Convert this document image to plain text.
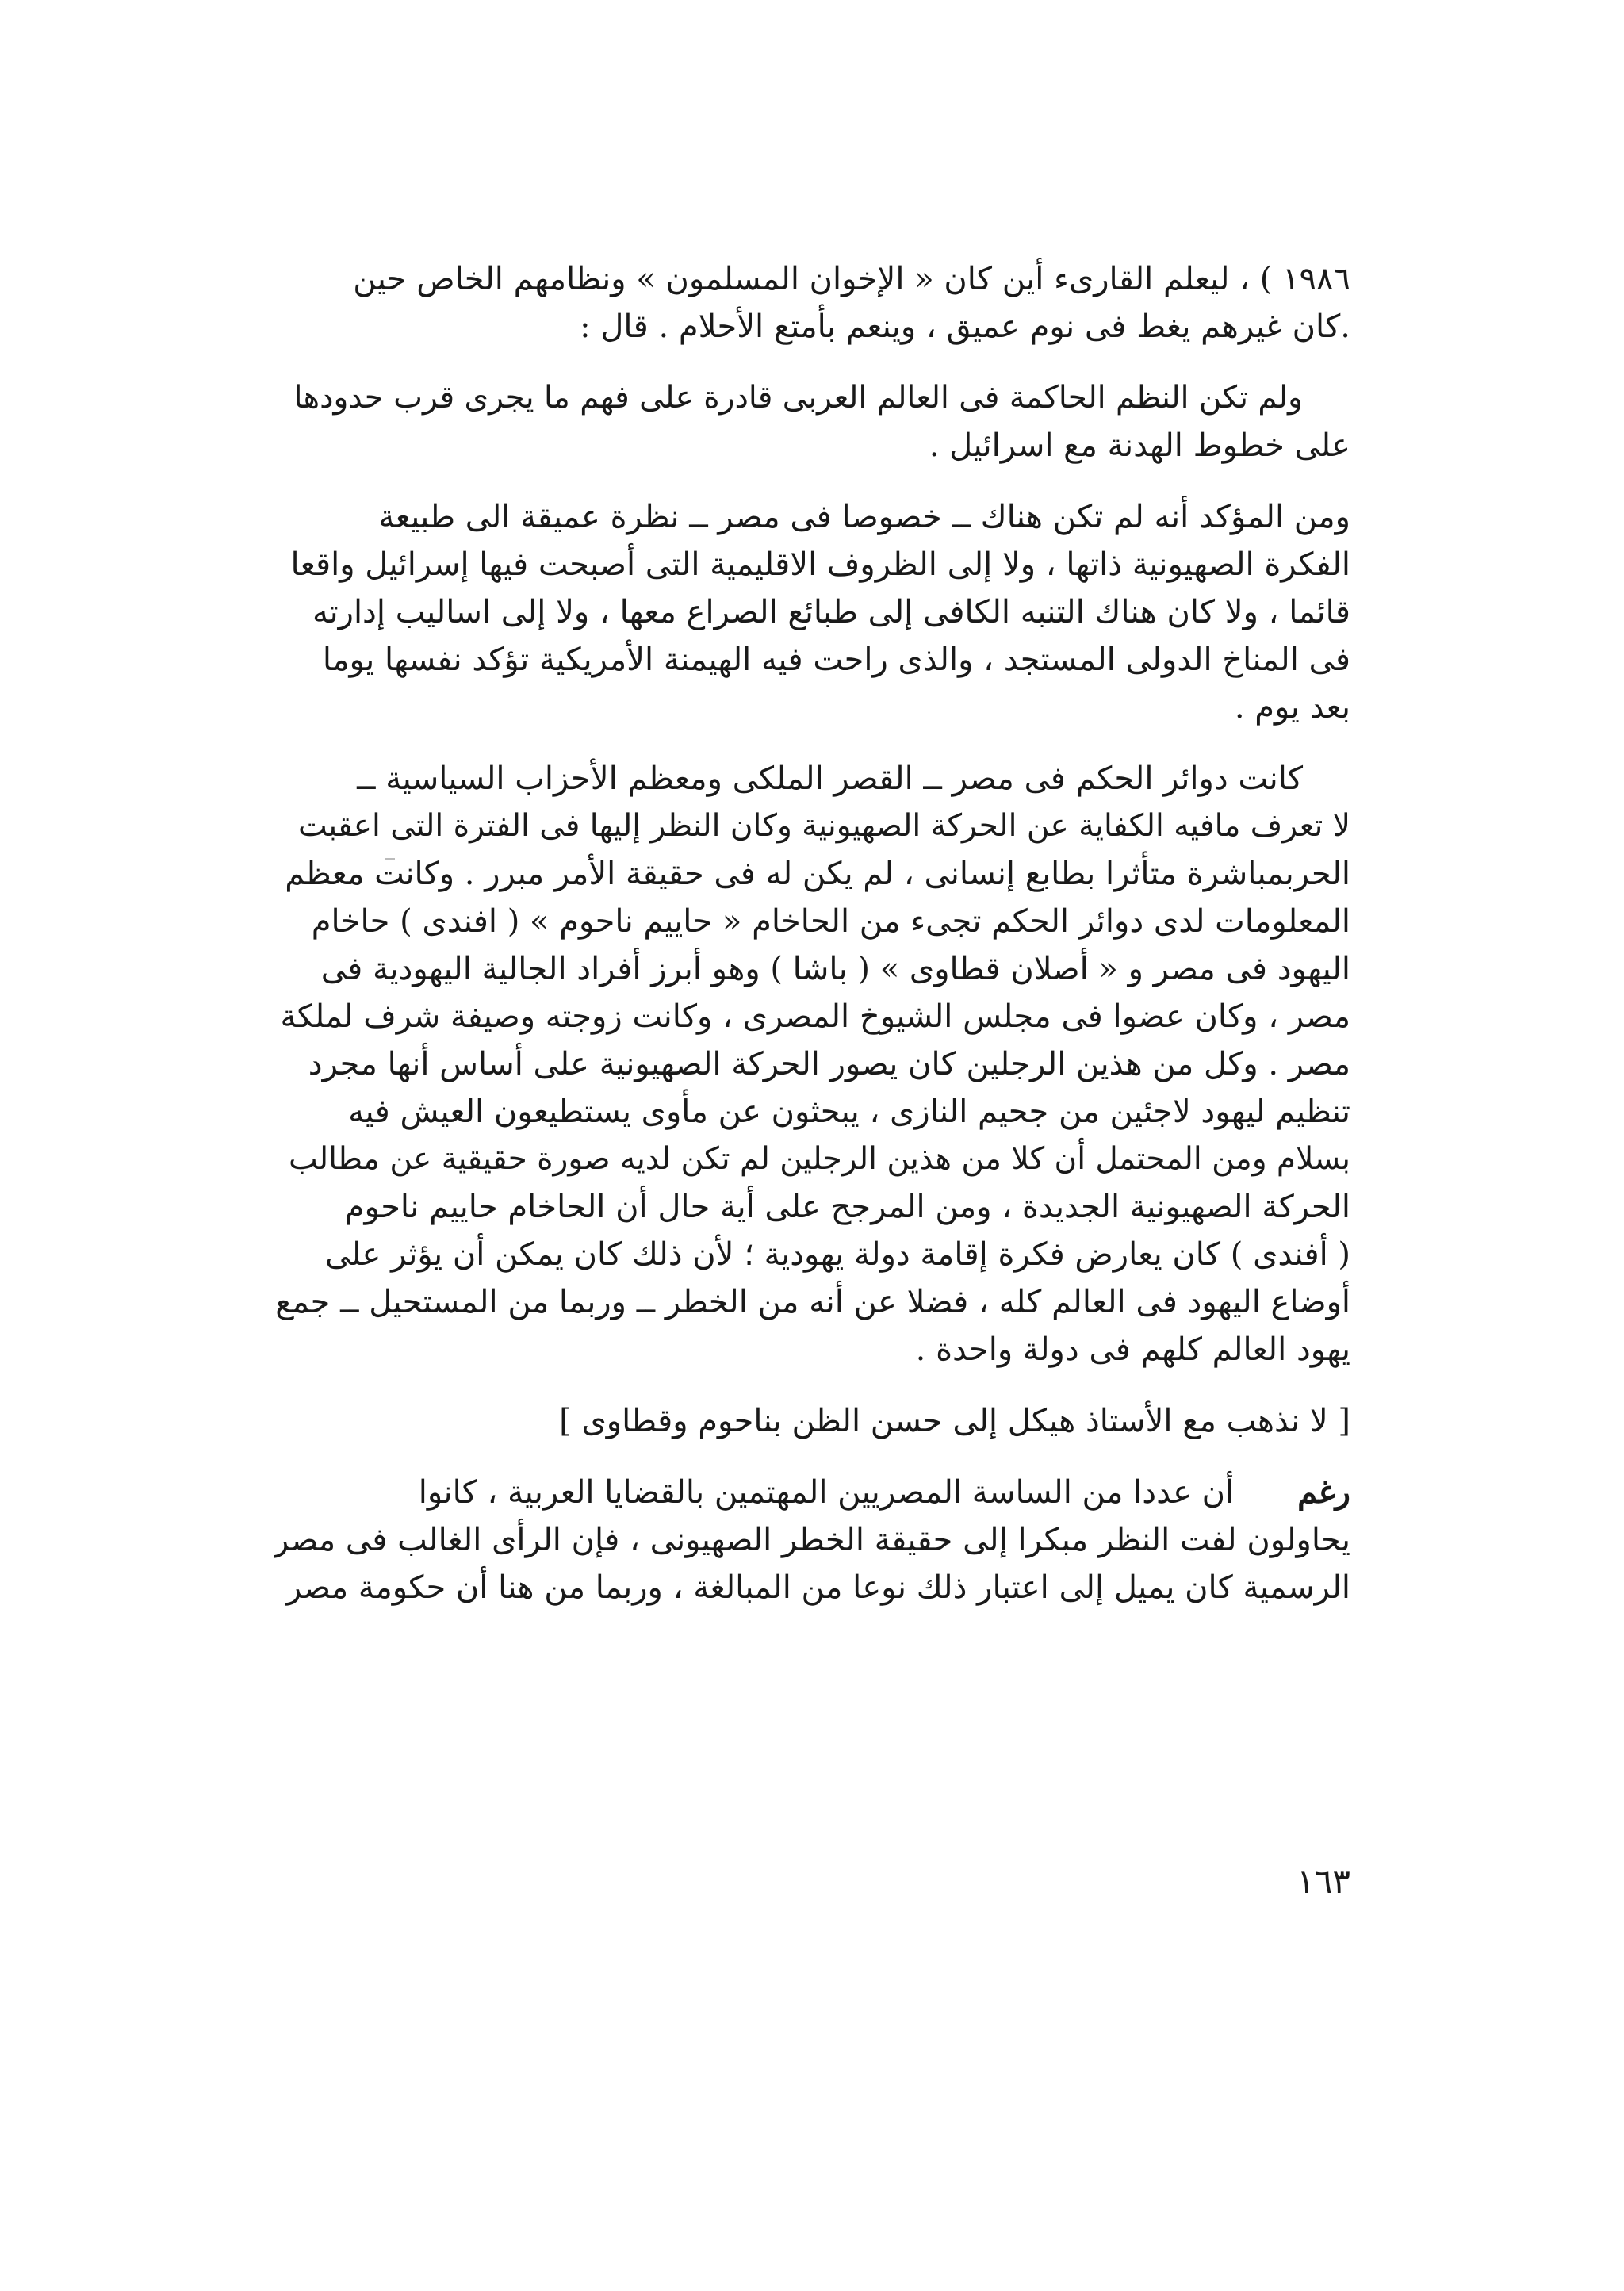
١٩٨٦ ) ، ليعلم القارىء أين كان « الإخوان المسلمون » ونظامهم الخاص حين
.كان غيرهم يغط فى نوم عميق ، وينعم بأمتع الأحلام . قال :
ولم تكن النظم الحاكمة فى العالم العربى قادرة على فهم ما يجرى قرب حدودها
على خطوط الهدنة مع اسرائيل .
ومن المؤكد أنه لم تكن هناك ــ خصوصا فى مصر ــ نظرة عميقة الى طبيعة
الفكرة الصهيونية ذاتها ، ولا إلى الظروف الاقليمية التى أصبحت فيها إسرائيل واقعا
قائما ، ولا كان هناك التنبه الكافى إلى طبائع الصراع معها ، ولا إلى اساليب إدارته
فى المناخ الدولى المستجد ، والذى راحت فيه الهيمنة الأمريكية تؤكد نفسها يوما
بعد يوم .
كانت دوائر الحكم فى مصر ــ القصر الملكى ومعظم الأحزاب السياسية ــ
لا تعرف مافيه الكفاية عن الحركة الصهيونية وكان النظر إليها فى الفترة التى اعقبت
الحربمباشرة متأثرا بطابع إنسانى ، لم يكن له فى حقيقة الأمر مبرر . وكانت معظم
المعلومات لدى دوائر الحكم تجىء من الحاخام « حاييم ناحوم » ( افندى ) حاخام
اليهود فى مصر و « أصلان قطاوى » ( باشا ) وهو أبرز أفراد الجالية اليهودية فى
مصر ، وكان عضوا فى مجلس الشيوخ المصرى ، وكانت زوجته وصيفة شرف لملكة
مصر . وكل من هذين الرجلين كان يصور الحركة الصهيونية على أساس أنها مجرد
تنظيم ليهود لاجئين من جحيم النازى ، يبحثون عن مأوى يستطيعون العيش فيه
بسلام ومن المحتمل أن كلا من هذين الرجلين لم تكن لديه صورة حقيقية عن مطالب
الحركة الصهيونية الجديدة ، ومن المرجح على أية حال أن الحاخام حاييم ناحوم
( أفندى ) كان يعارض فكرة إقامة دولة يهودية ؛ لأن ذلك كان يمكن أن يؤثر على
أوضاع اليهود فى العالم كله ، فضلا عن أنه من الخطر ــ وربما من المستحيل ــ جمع
يهود العالم كلهم فى دولة واحدة .
[ لا نذهب مع الأستاذ هيكل إلى حسن الظن بناحوم وقطاوى ]
رغم
أن عددا من الساسة المصريين المهتمين بالقضايا العربية ، كانوا
يحاولون لفت النظر مبكرا إلى حقيقة الخطر الصهيونى ، فإن الرأى الغالب فى مصر
الرسمية كان يميل إلى اعتبار ذلك نوعا من المبالغة ، وربما من هنا أن حكومة مصر
١٦٣
